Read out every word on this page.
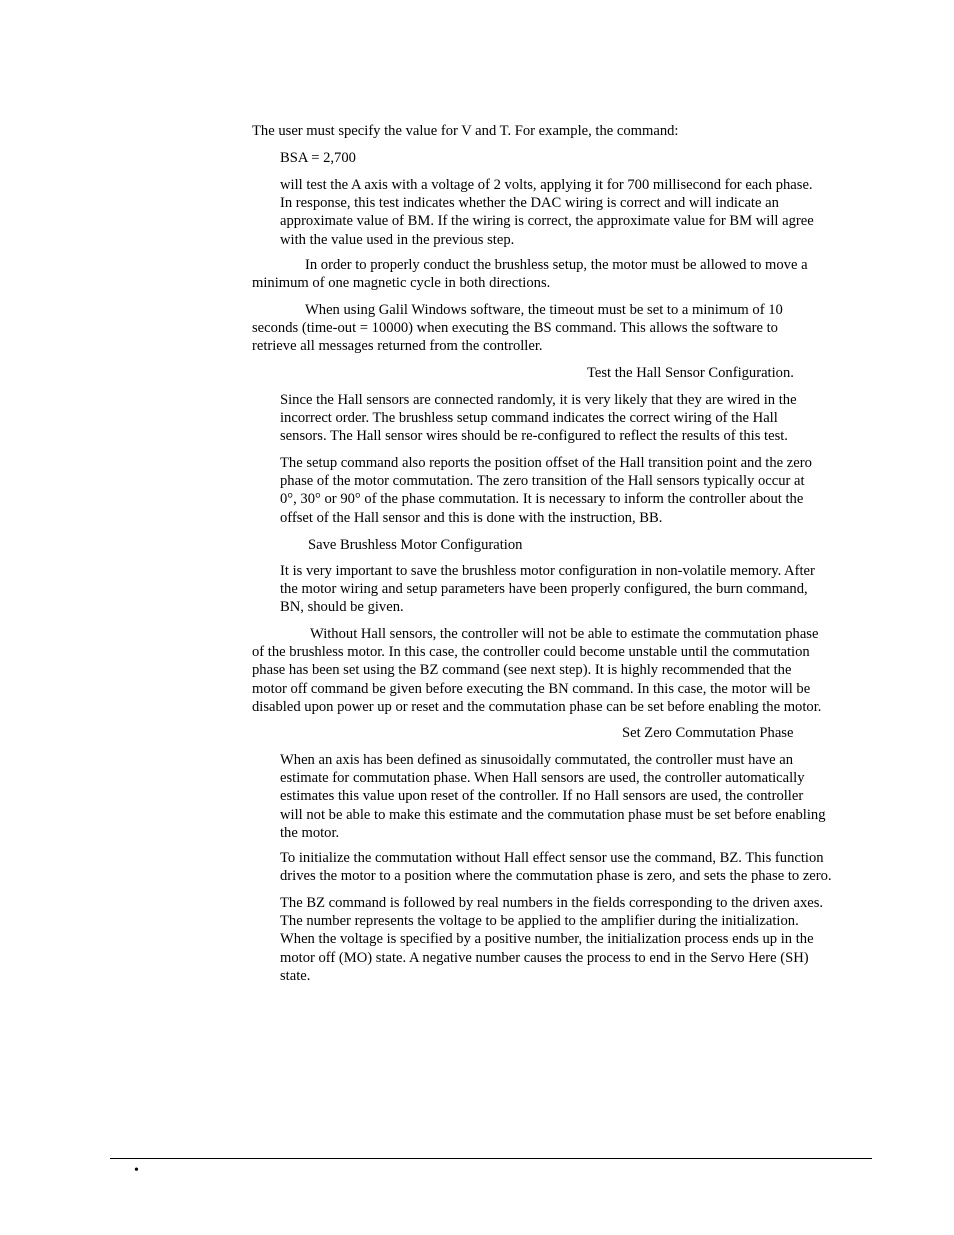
The user must specify the value for V and T. For example, the command:

BSA = 2,700

will test the A axis with a voltage of 2 volts, applying it for 700 millisecond for each phase.
In response, this test indicates whether the DAC wiring is correct and will indicate an
approximate value of BM. If the wiring is correct, the approximate value for BM will agree
with the value used in the previous step.

In order to properly conduct the brushless setup, the motor must be allowed to move a
minimum of one magnetic cycle in both directions.

When using Galil Windows software, the timeout must be set to a minimum of 10
seconds (time-out = 10000) when executing the BS command. This allows the software to
retrieve all messages returned from the controller.

Test the Hall Sensor Configuration.

Since the Hall sensors are connected randomly, it is very likely that they are wired in the
incorrect order. The brushless setup command indicates the correct wiring of the Hall
sensors. The Hall sensor wires should be re-configured to reflect the results of this test.

The setup command also reports the position offset of the Hall transition point and the zero
phase of the motor commutation. The zero transition of the Hall sensors typically occur at
0°, 30° or 90° of the phase commutation. It is necessary to inform the controller about the
offset of the Hall sensor and this is done with the instruction, BB.

Save Brushless Motor Configuration

It is very important to save the brushless motor configuration in non-volatile memory. After
the motor wiring and setup parameters have been properly configured, the burn command,
BN, should be given.

Without Hall sensors, the controller will not be able to estimate the commutation phase
of the brushless motor. In this case, the controller could become unstable until the commutation
phase has been set using the BZ command (see next step). It is highly recommended that the
motor off command be given before executing the BN command. In this case, the motor will be
disabled upon power up or reset and the commutation phase can be set before enabling the motor.

Set Zero Commutation Phase

When an axis has been defined as sinusoidally commutated, the controller must have an
estimate for commutation phase. When Hall sensors are used, the controller automatically
estimates this value upon reset of the controller. If no Hall sensors are used, the controller
will not be able to make this estimate and the commutation phase must be set before enabling
the motor.

To initialize the commutation without Hall effect sensor use the command, BZ. This function
drives the motor to a position where the commutation phase is zero, and sets the phase to zero.

The BZ command is followed by real numbers in the fields corresponding to the driven axes.
The number represents the voltage to be applied to the amplifier during the initialization.
When the voltage is specified by a positive number, the initialization process ends up in the
motor off (MO) state. A negative number causes the process to end in the Servo Here (SH)
state.

•
